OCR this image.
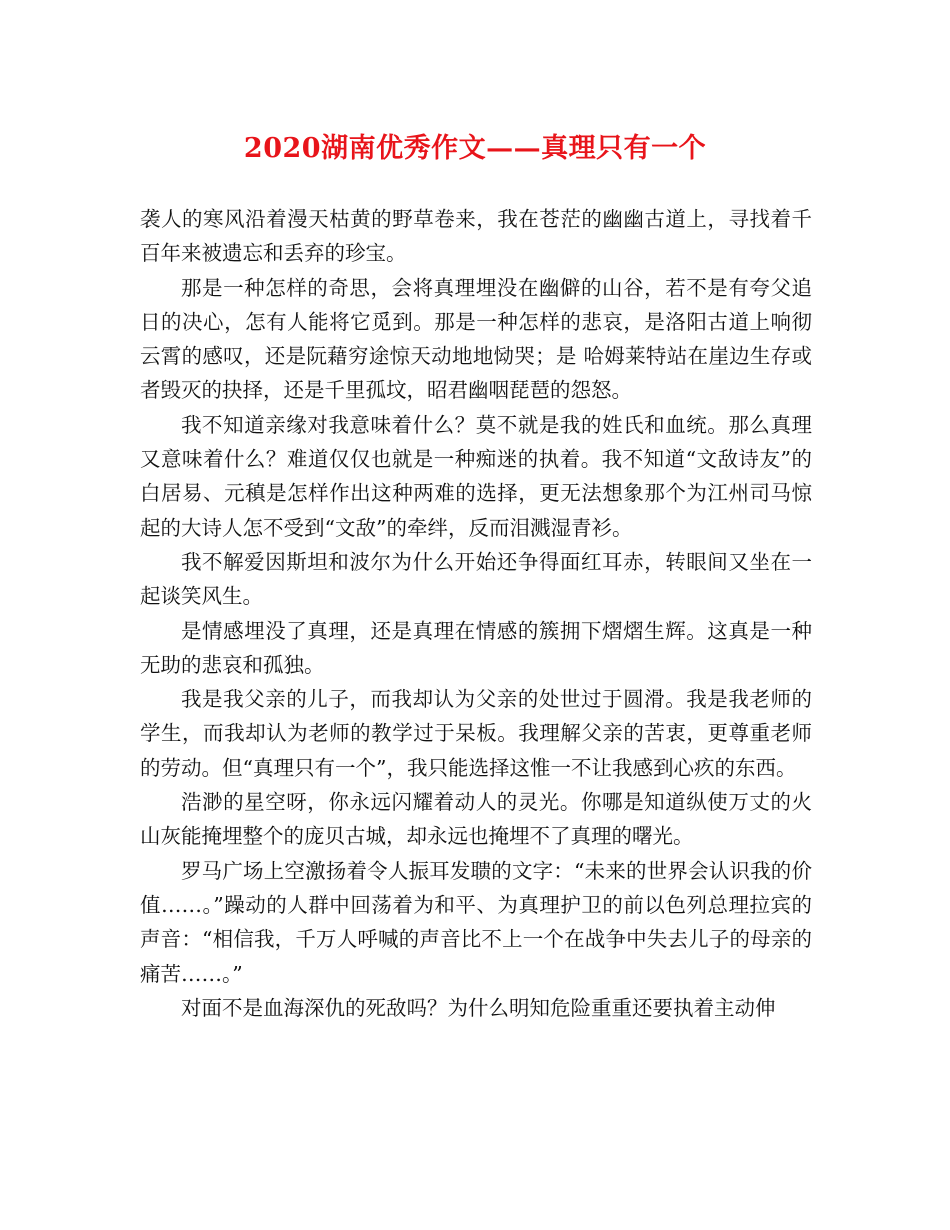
2020湖南优秀作文——真理只有一个

袭人的寒风沿着漫天枯黄的野草卷来，我在苍茫的幽幽古道上，寻找着千百年来被遗忘和丢弃的珍宝。

那是一种怎样的奇思，会将真理埋没在幽僻的山谷，若不是有夸父追日的决心，怎有人能将它觅到。那是一种怎样的悲哀，是洛阳古道上响彻云霄的感叹，还是阮藉穷途惊天动地地恸哭；是 哈姆莱特站在崖边生存或者毁灭的抉择，还是千里孤坟，昭君幽咽琵琶的怨怒。

我不知道亲缘对我意味着什么？莫不就是我的姓氏和血统。那么真理又意味着什么？难道仅仅也就是一种痴迷的执着。我不知道“文敌诗友”的白居易、元稹是怎样作出这种两难的选择，更无法想象那个为江州司马惊起的大诗人怎不受到“文敌”的牵绊，反而泪溅湿青衫。

我不解爱因斯坦和波尔为什么开始还争得面红耳赤，转眼间又坐在一起谈笑风生。

是情感埋没了真理，还是真理在情感的簇拥下熠熠生辉。这真是一种无助的悲哀和孤独。

我是我父亲的儿子，而我却认为父亲的处世过于圆滑。我是我老师的学生，而我却认为老师的教学过于呆板。我理解父亲的苦衷，更尊重老师的劳动。但“真理只有一个”，我只能选择这惟一不让我感到心疚的东西。

浩渺的星空呀，你永远闪耀着动人的灵光。你哪是知道纵使万丈的火山灰能掩埋整个的庞贝古城，却永远也掩埋不了真理的曙光。

罗马广场上空激扬着令人振耳发聩的文字：“未来的世界会认识我的价值……。”躁动的人群中回荡着为和平、为真理护卫的前以色列总理拉宾的声音：“相信我，千万人呼喊的声音比不上一个在战争中失去儿子的母亲的痛苦……。”

对面不是血海深仇的死敌吗？为什么明知危险重重还要执着主动伸
